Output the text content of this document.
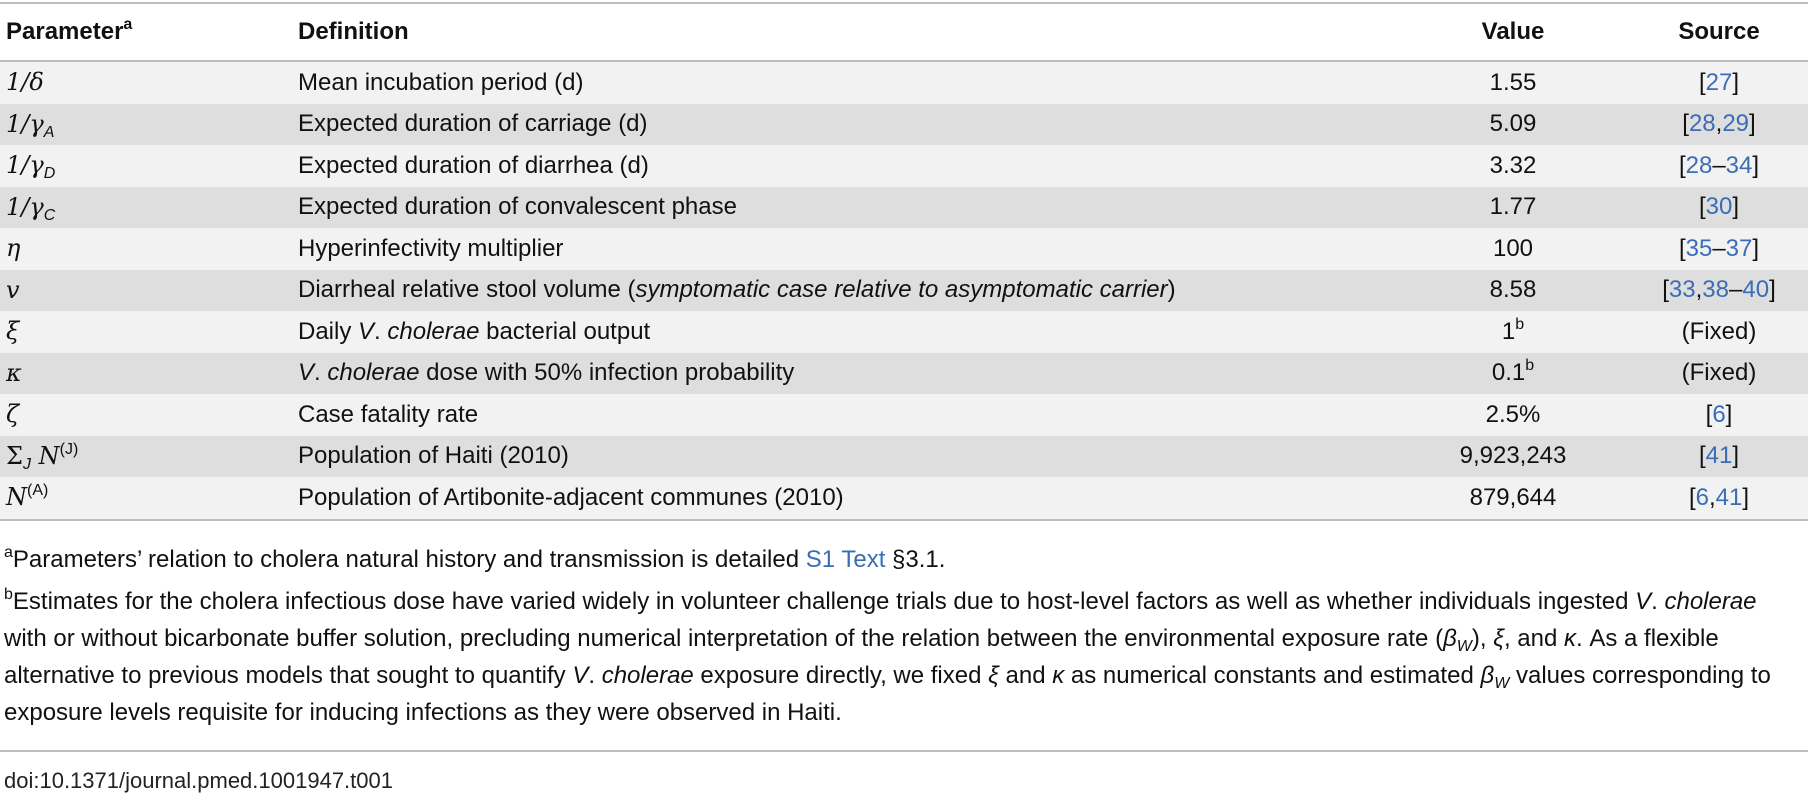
Parameter$^a$	Definition	Value	Source
1/δ	Mean incubation period (d)	1.55	[27]
$1/\gamma_A$	Expected duration of carriage (d)	5.09	[28,29]
$1/\gamma_D$	Expected duration of diarrhea (d)	3.32	[28–34]
$1/\gamma_C$	Expected duration of convalescent phase	1.77	[30]
η	Hyperinfectivity multiplier	100	[35–37]
v	Diarrheal relative stool volume (symptomatic case relative to asymptomatic carrier)	8.58	[33,38–40]
ξ	Daily V. cholerae bacterial output	1$^b$	(Fixed)
κ	V. cholerae dose with 50% infection probability	0.1$^b$	(Fixed)
ζ	Case fatality rate	2.5%	[6]
$\Sigma_J$ $N^{(J)}$	Population of Haiti (2010)	9,923,243	[41]
$N^{(A)}$	Population of Artibonite-adjacent communes (2010)	879,644	[6,41]

$^a$Parameters’ relation to cholera natural history and transmission is detailed S1 Text §3.1.

$^b$Estimates for the cholera infectious dose have varied widely in volunteer challenge trials due to host-level factors as well as whether individuals ingested V. cholerae with or without bicarbonate buffer solution, precluding numerical interpretation of the relation between the environmental exposure rate $(\beta_W)$, ξ, and κ. As a flexible alternative to previous models that sought to quantify V. cholerae exposure directly, we fixed ξ and κ as numerical constants and estimated $\beta_W$ values corresponding to exposure levels requisite for inducing infections as they were observed in Haiti.

doi:10.1371/journal.pmed.1001947.t001
